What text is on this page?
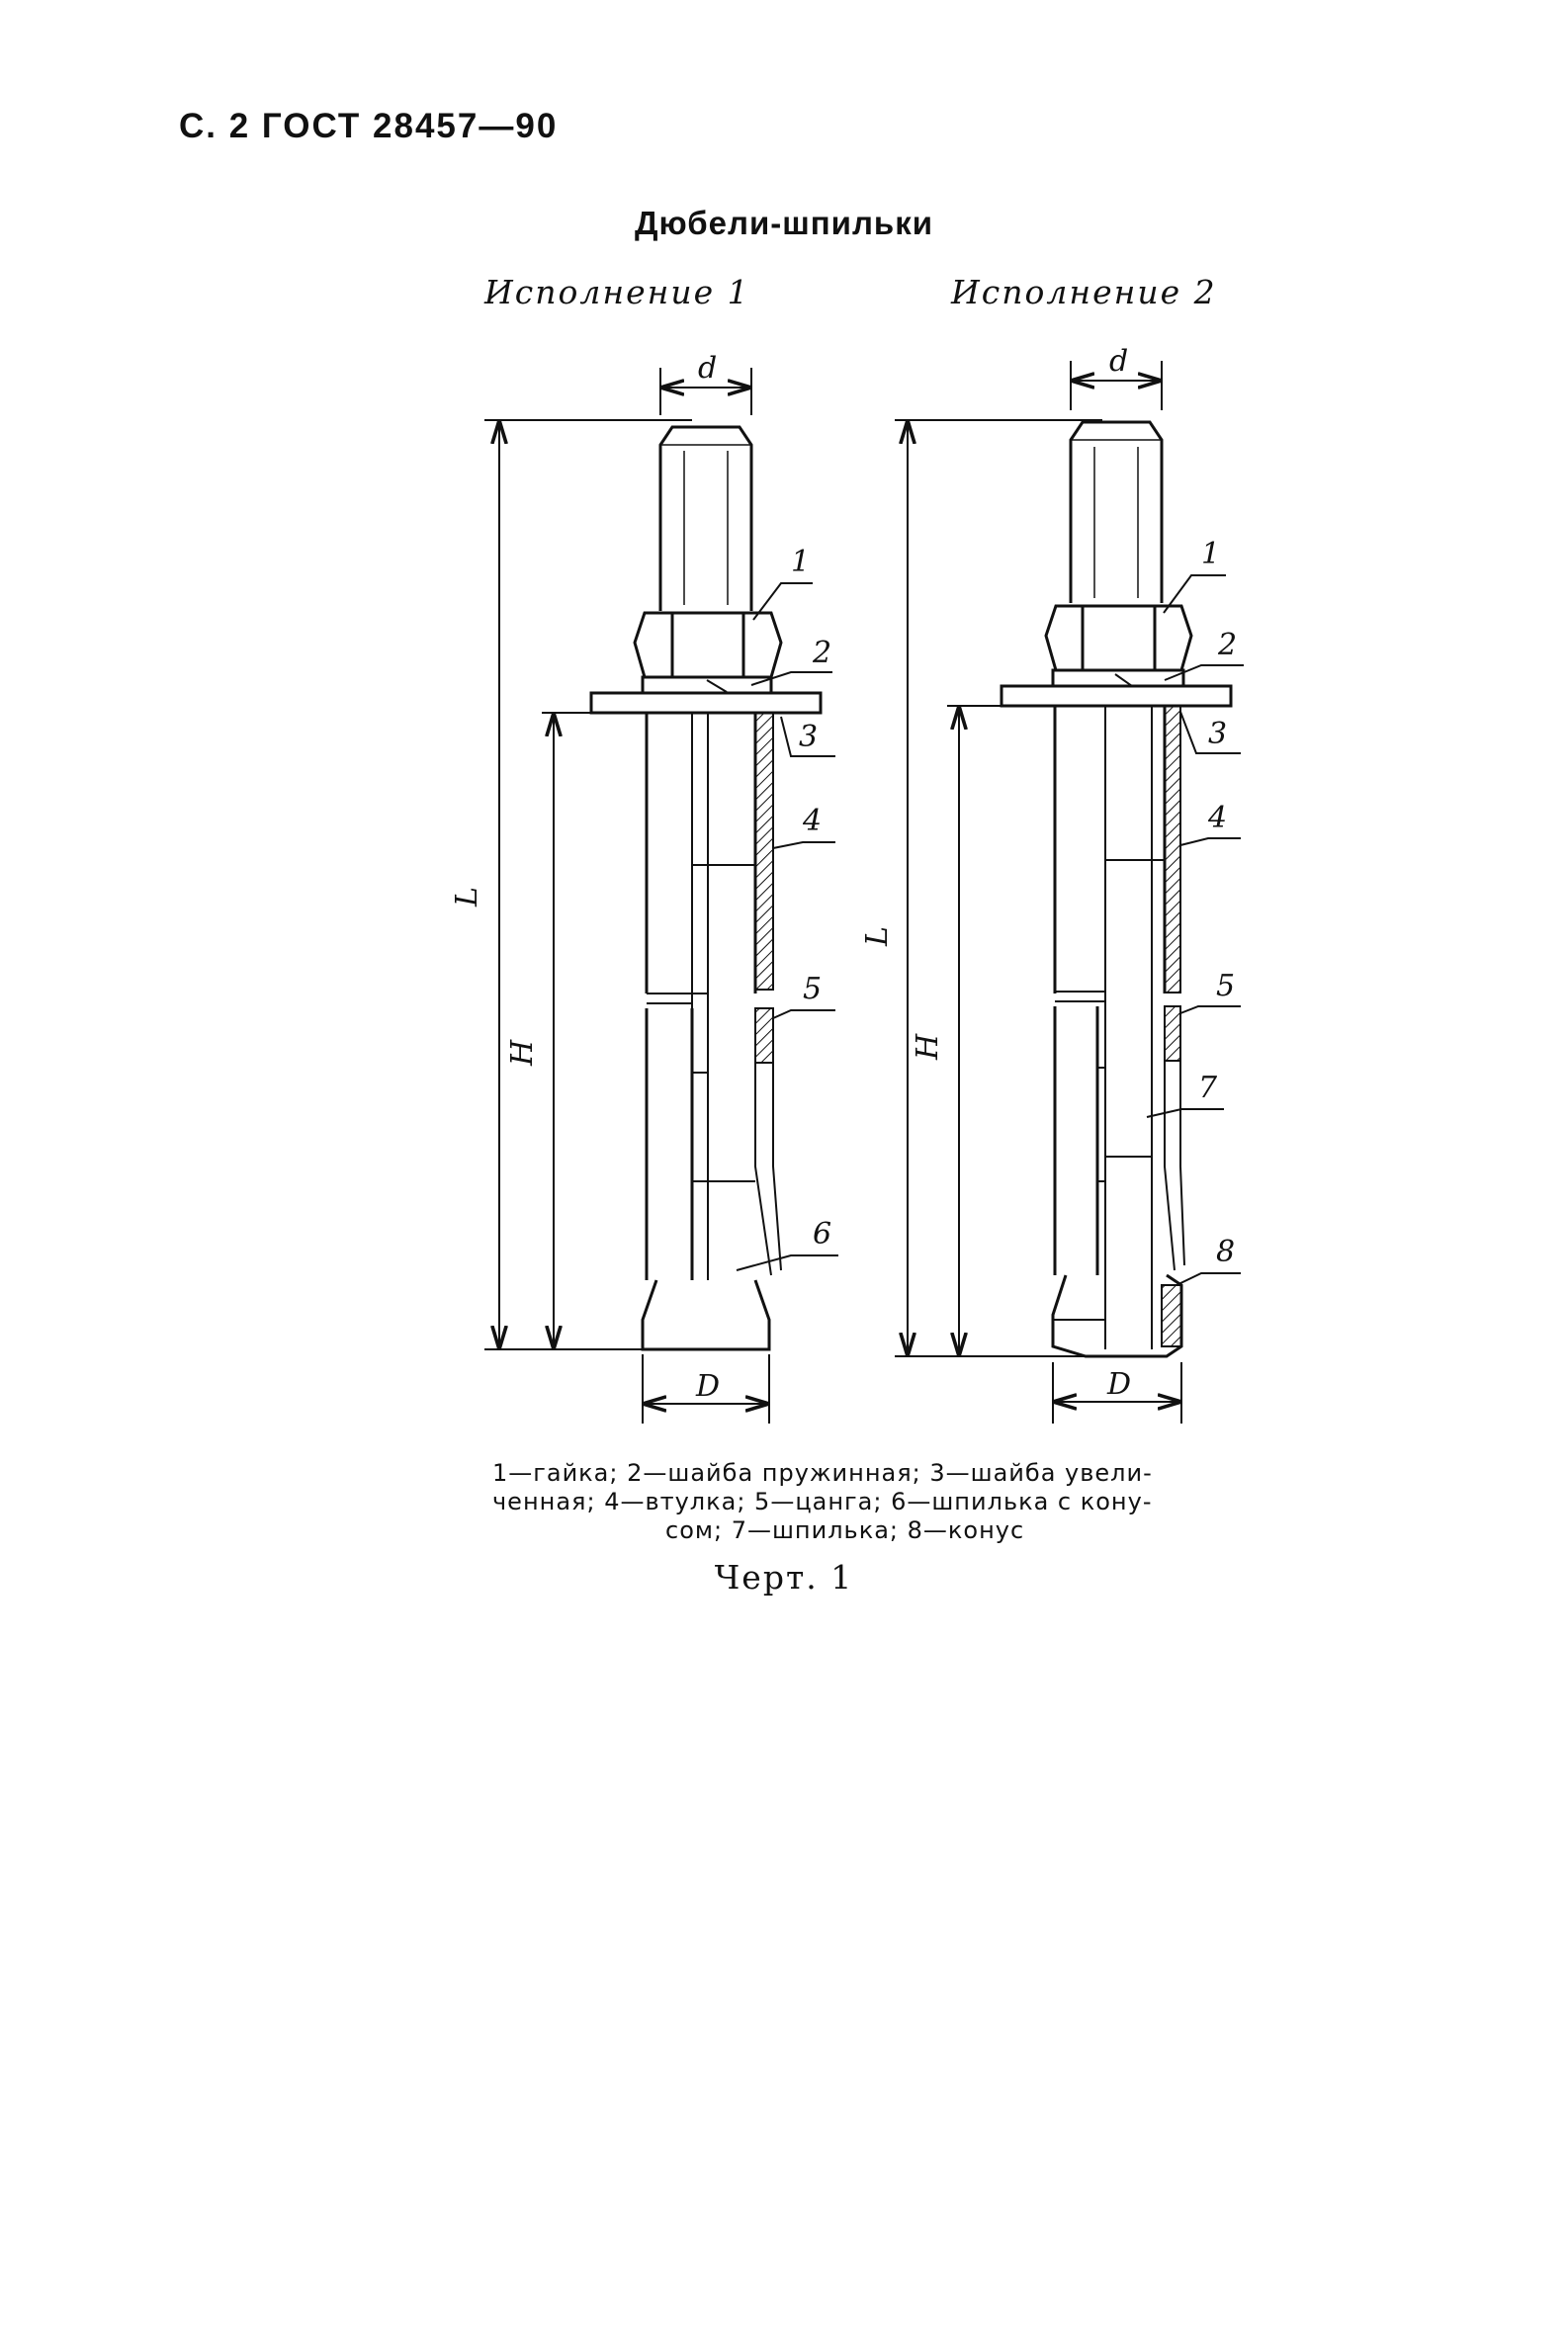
С. 2 ГОСТ 28457—90
Дюбели-шпильки
Исполнение 1	Исполнение 2
d
L
H
D
1
2
3
4
5
6
d
L
H
D
1
2
3
4
5
7
8

1—гайка; 2—шайба пружинная; 3—шайба увели-

ченная; 4—втулка; 5—цанга; 6—шпилька с кону-

сом; 7—шпилька; 8—конус

Черт. 1
